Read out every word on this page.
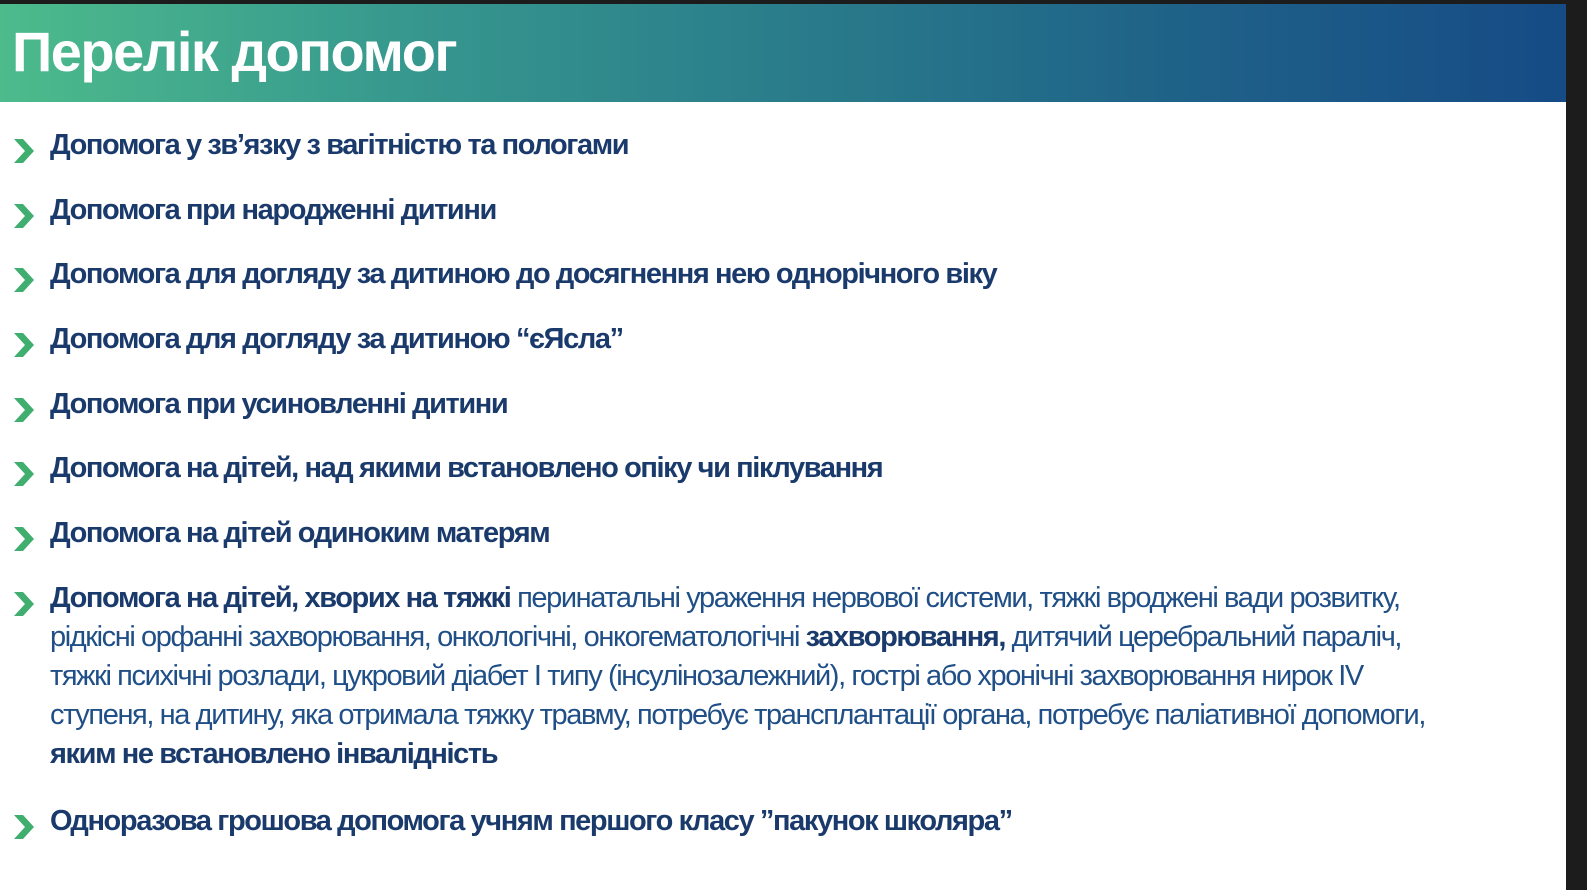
Перелік допомог

Допомога у зв’язку з вагітністю та пологами

Допомога при народженні дитини

Допомога для догляду за дитиною до досягнення нею однорічного віку

Допомога для догляду за дитиною “єЯсла”

Допомога при усиновленні дитини

Допомога на дітей, над якими встановлено опіку чи піклування

Допомога на дітей одиноким матерям

Допомога на дітей, хворих на тяжкі перинатальні ураження нервової системи, тяжкі вроджені вади розвитку,
рідкісні орфанні захворювання, онкологічні, онкогематологічні захворювання, дитячий церебральний параліч,
тяжкі психічні розлади, цукровий діабет І типу (інсулінозалежний), гострі або хронічні захворювання нирок IV
ступеня, на дитину, яка отримала тяжку травму, потребує трансплантації органа, потребує паліативної допомоги,
яким не встановлено інвалідність

Одноразова грошова допомога учням першого класу ”пакунок школяра”
